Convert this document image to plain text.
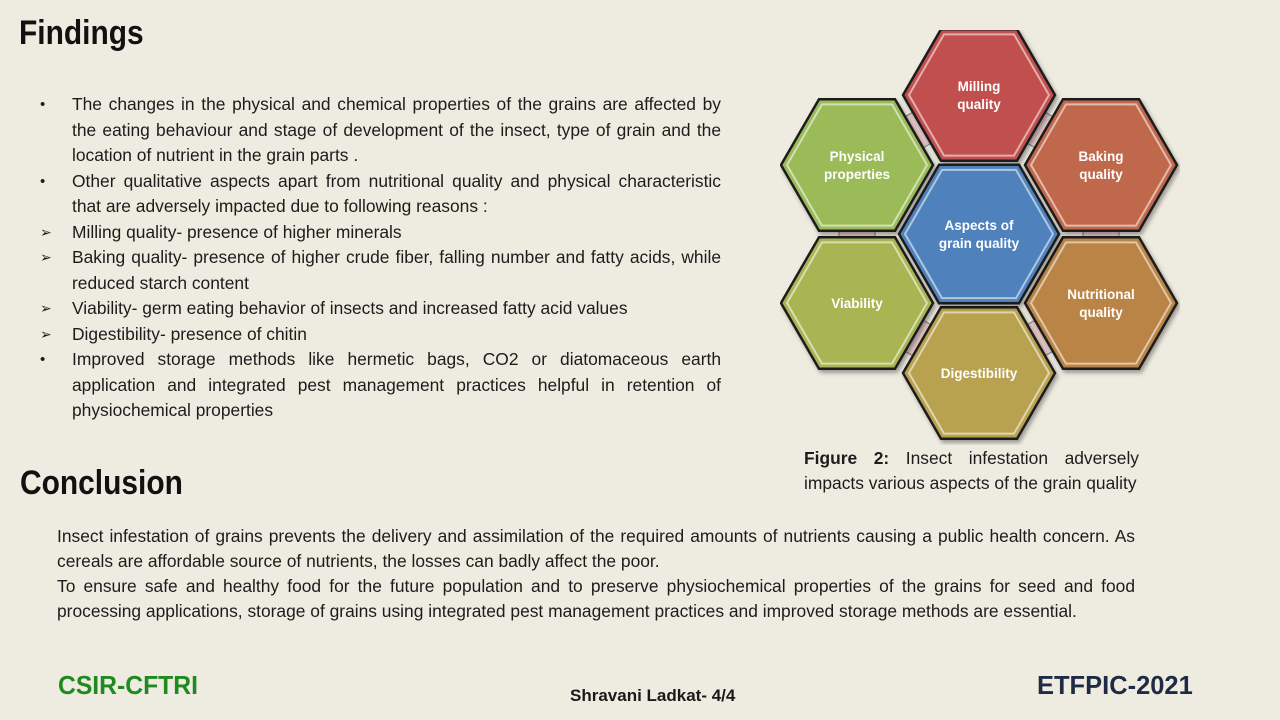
Findings
•	The changes in the physical and chemical properties of the grains are affected by the eating behaviour and stage of development of the insect, type of grain and the location of nutrient in the grain parts .
•	Other qualitative aspects apart from nutritional quality and physical characteristic that are adversely impacted due to following reasons :
➢	Milling quality- presence of higher minerals
➢	Baking quality- presence of higher crude fiber, falling number and fatty acids, while reduced starch content
➢	Viability- germ eating behavior of insects and increased fatty acid values
➢	Digestibility- presence of chitin
•	Improved storage methods like hermetic bags, CO2 or diatomaceous earth application and integrated pest management practices helpful in retention of physiochemical properties
Milling
quality
Baking
quality
Nutritional
quality
Digestibility
Viability
Physical
properties
Aspects of
grain quality
Figure 2: Insect infestation adversely impacts various aspects of the grain quality
Conclusion

Insect infestation of grains prevents the delivery and assimilation of the required amounts of nutrients causing a public health concern. As cereals are affordable source of nutrients, the losses can badly affect the poor.

To ensure safe and healthy food for the future population and to preserve physiochemical properties of the grains for seed and food processing applications, storage of grains using integrated pest management practices and improved storage methods are essential.

CSIR-CFTRI	Shravani Ladkat- 4/4	ETFPIC-2021
